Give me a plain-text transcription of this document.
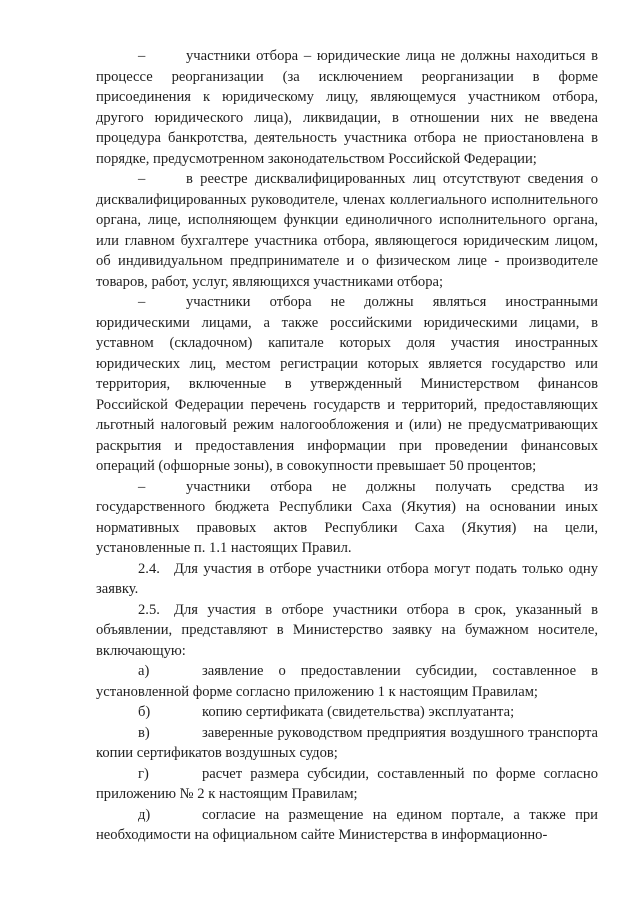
–	участники отбора – юридические лица не должны находиться в процессе реорганизации (за исключением реорганизации в форме присоединения к юридическому лицу, являющемуся участником отбора, другого юридического лица), ликвидации, в отношении них не введена процедура банкротства, деятельность участника отбора не приостановлена в порядке, предусмотренном законодательством Российской Федерации;

–	в реестре дисквалифицированных лиц отсутствуют сведения о дисквалифицированных руководителе, членах коллегиального исполнительного органа, лице, исполняющем функции единоличного исполнительного органа, или главном бухгалтере участника отбора, являющегося юридическим лицом, об индивидуальном предпринимателе и о физическом лице - производителе товаров, работ, услуг, являющихся участниками отбора;

–	участники отбора не должны являться иностранными юридическими лицами, а также российскими юридическими лицами, в уставном (складочном) капитале которых доля участия иностранных юридических лиц, местом регистрации которых является государство или территория, включенные в утвержденный Министерством финансов Российской Федерации перечень государств и территорий, предоставляющих льготный налоговый режим налогообложения и (или) не предусматривающих раскрытия и предоставления информации при проведении финансовых операций (офшорные зоны), в совокупности превышает 50 процентов;

–	участники отбора не должны получать средства из государственного бюджета Республики Саха (Якутия) на основании иных нормативных правовых актов Республики Саха (Якутия) на цели, установленные п. 1.1 настоящих Правил.

2.4. Для участия в отборе участники отбора могут подать только одну заявку.

2.5. Для участия в отборе участники отбора в срок, указанный в объявлении, представляют в Министерство заявку на бумажном носителе, включающую:

а)	заявление о предоставлении субсидии, составленное в установленной форме согласно приложению 1 к настоящим Правилам;

б)	копию сертификата (свидетельства) эксплуатанта;

в)	заверенные руководством предприятия воздушного транспорта копии сертификатов воздушных судов;

г)	расчет размера субсидии, составленный по форме согласно приложению № 2 к настоящим Правилам;

д)	согласие на размещение на едином портале, а также при необходимости на официальном сайте Министерства в информационно-
